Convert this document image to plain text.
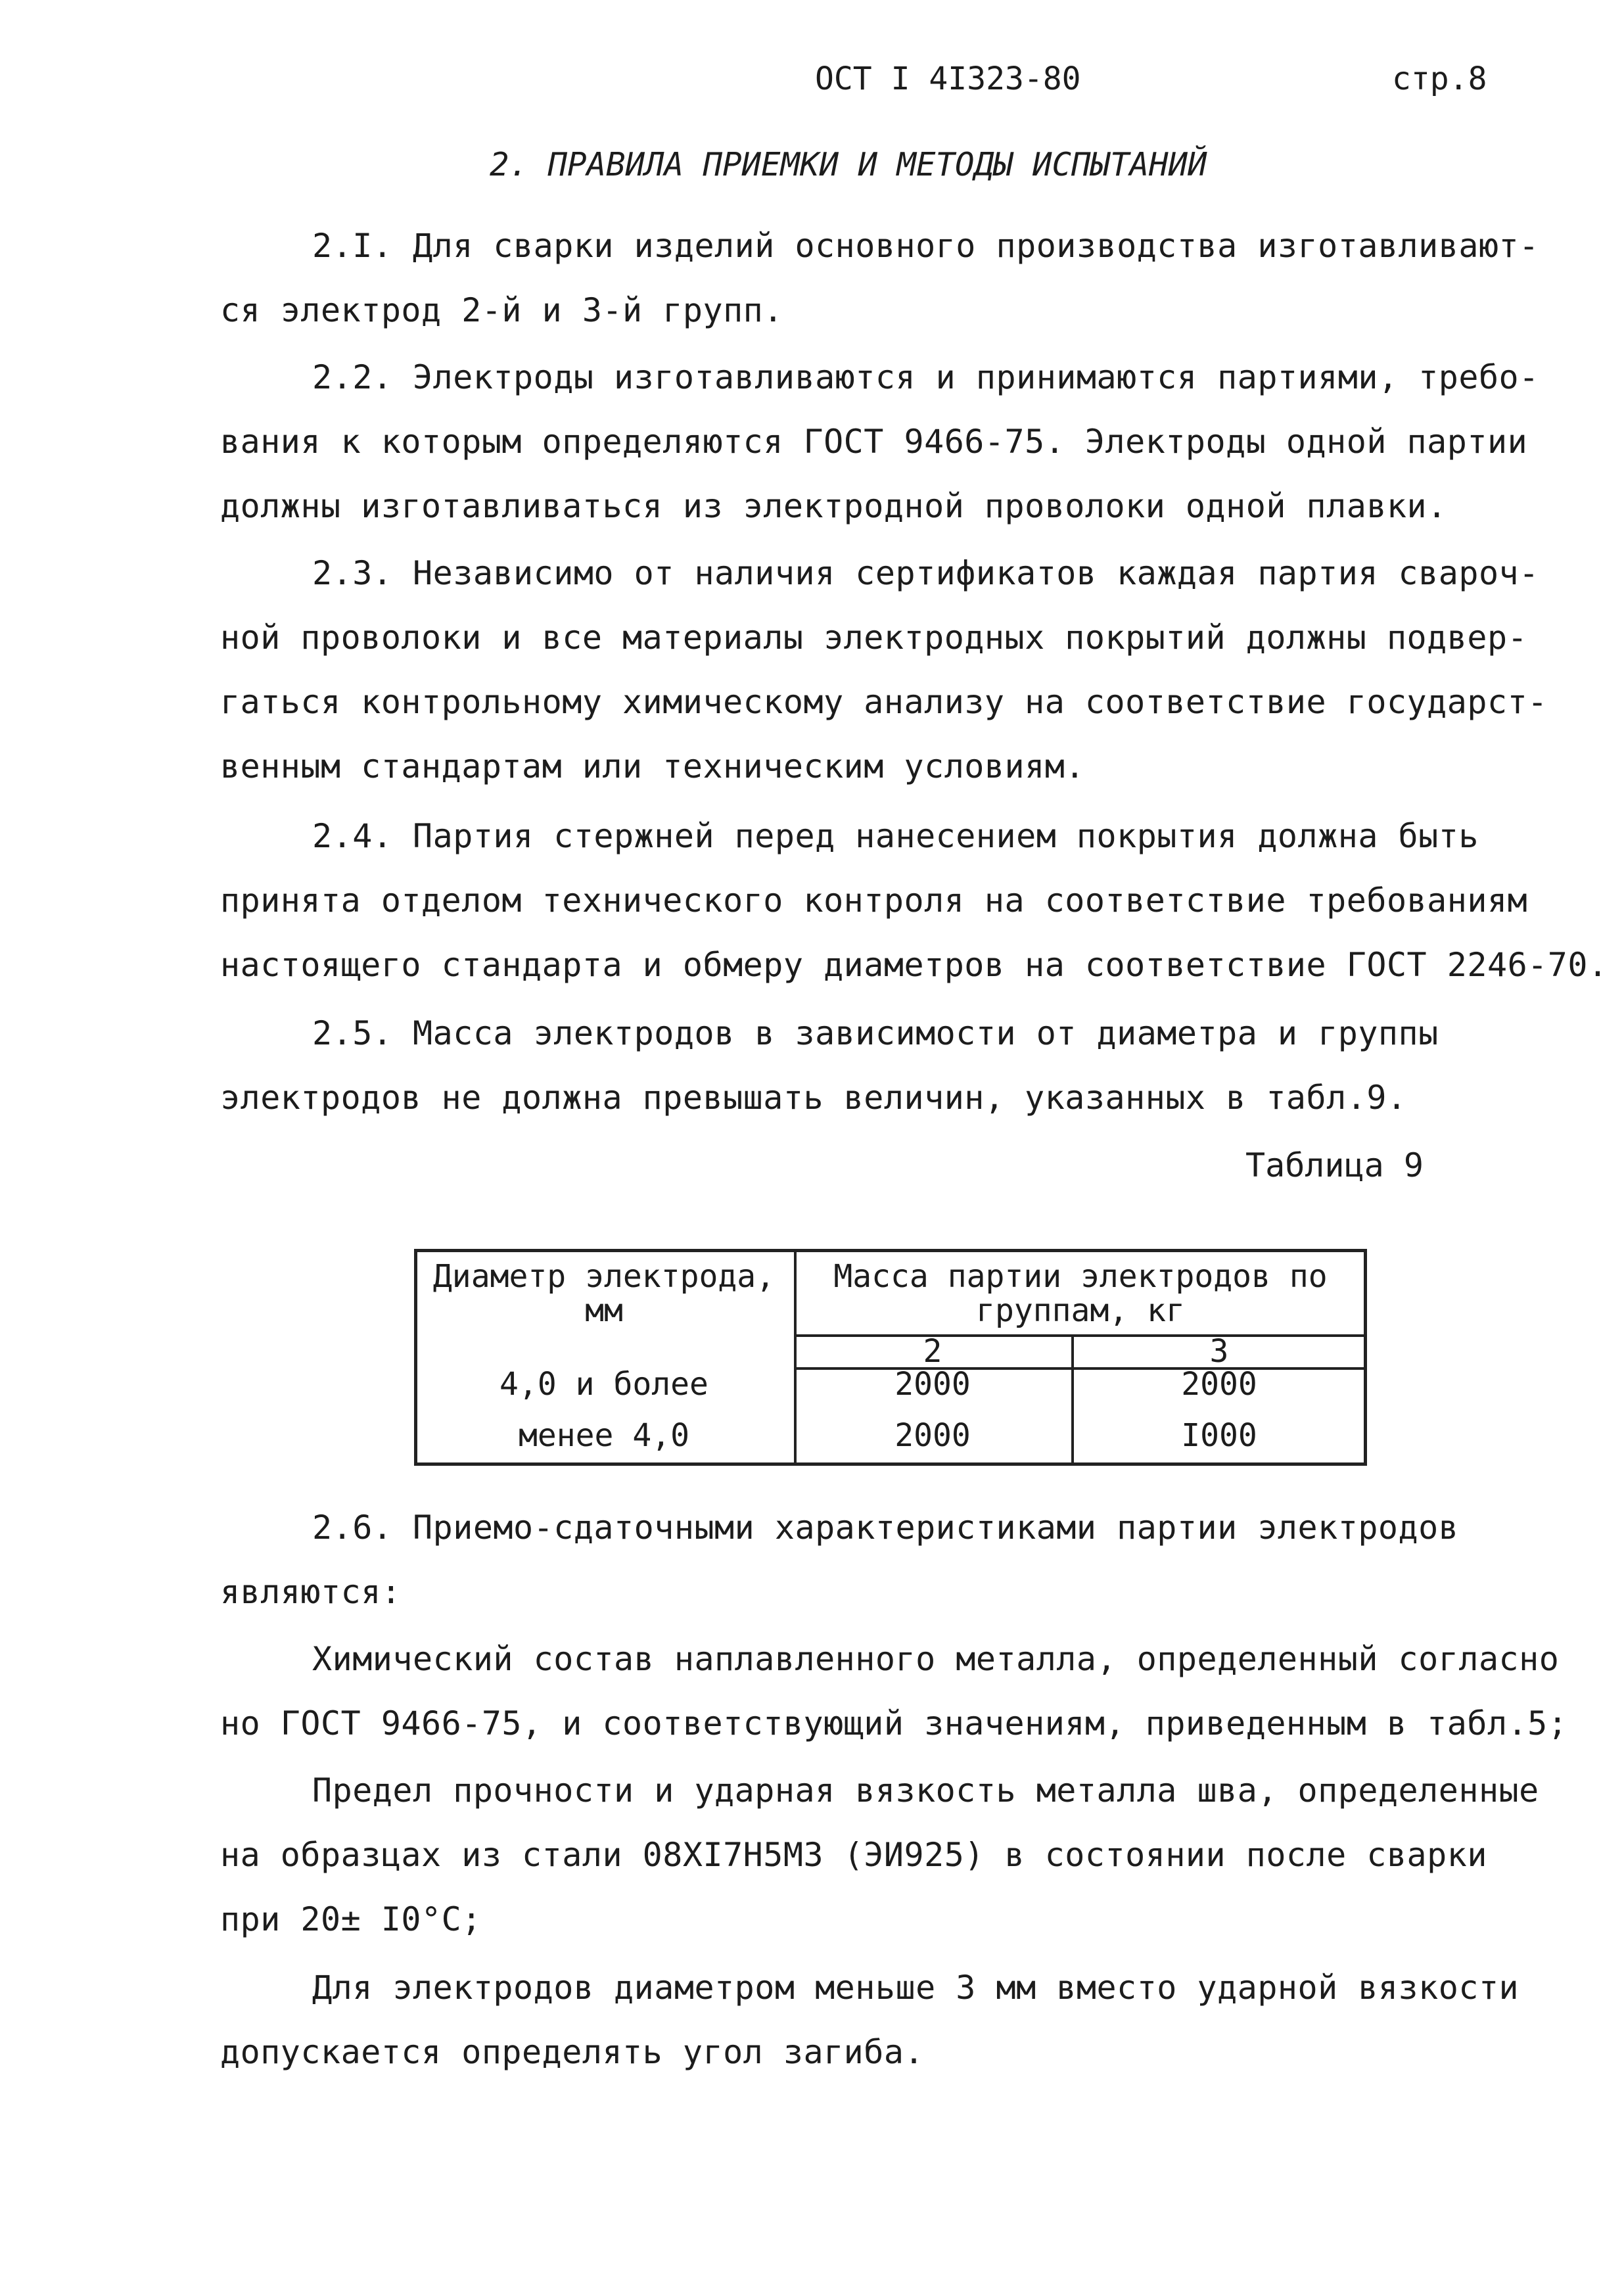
ОСТ I 4I323-80	стр.8
2. ПРАВИЛА ПРИЕМКИ И МЕТОДЫ ИСПЫТАНИЙ
2.I. Для сварки изделий основного производства изготавливают-
ся электрод 2-й и 3-й групп.
2.2. Электроды изготавливаются и принимаются партиями, требо-
вания к которым определяются ГОСТ 9466-75. Электроды одной партии
должны изготавливаться из электродной проволоки одной плавки.
2.3. Независимо от наличия сертификатов каждая партия свароч-
ной проволоки и все материалы электродных покрытий должны подвер-
гаться контрольному химическому анализу на соответствие государст-
венным стандартам или техническим условиям.
2.4. Партия стержней перед нанесением покрытия должна быть
принята отделом технического контроля на соответствие требованиям
настоящего стандарта и обмеру диаметров на соответствие ГОСТ 2246-70.
2.5. Масса электродов в зависимости от диаметра и группы
электродов не должна превышать величин, указанных в табл.9.
Таблица 9
Диаметр электрода,
мм
Масса партии электродов по
группам, кг
2	3
4,0 и более	2000	2000
менее 4,0	2000	I000
2.6. Приемо-сдаточными характеристиками партии электродов
являются:
Химический состав наплавленного металла, определенный согласно
но ГОСТ 9466-75, и соответствующий значениям, приведенным в табл.5;
Предел прочности и ударная вязкость металла шва, определенные
на образцах из стали 08ХI7Н5М3 (ЭИ925) в состоянии после сварки
при 20± I0°С;
Для электродов диаметром меньше 3 мм вместо ударной вязкости
допускается определять угол загиба.
